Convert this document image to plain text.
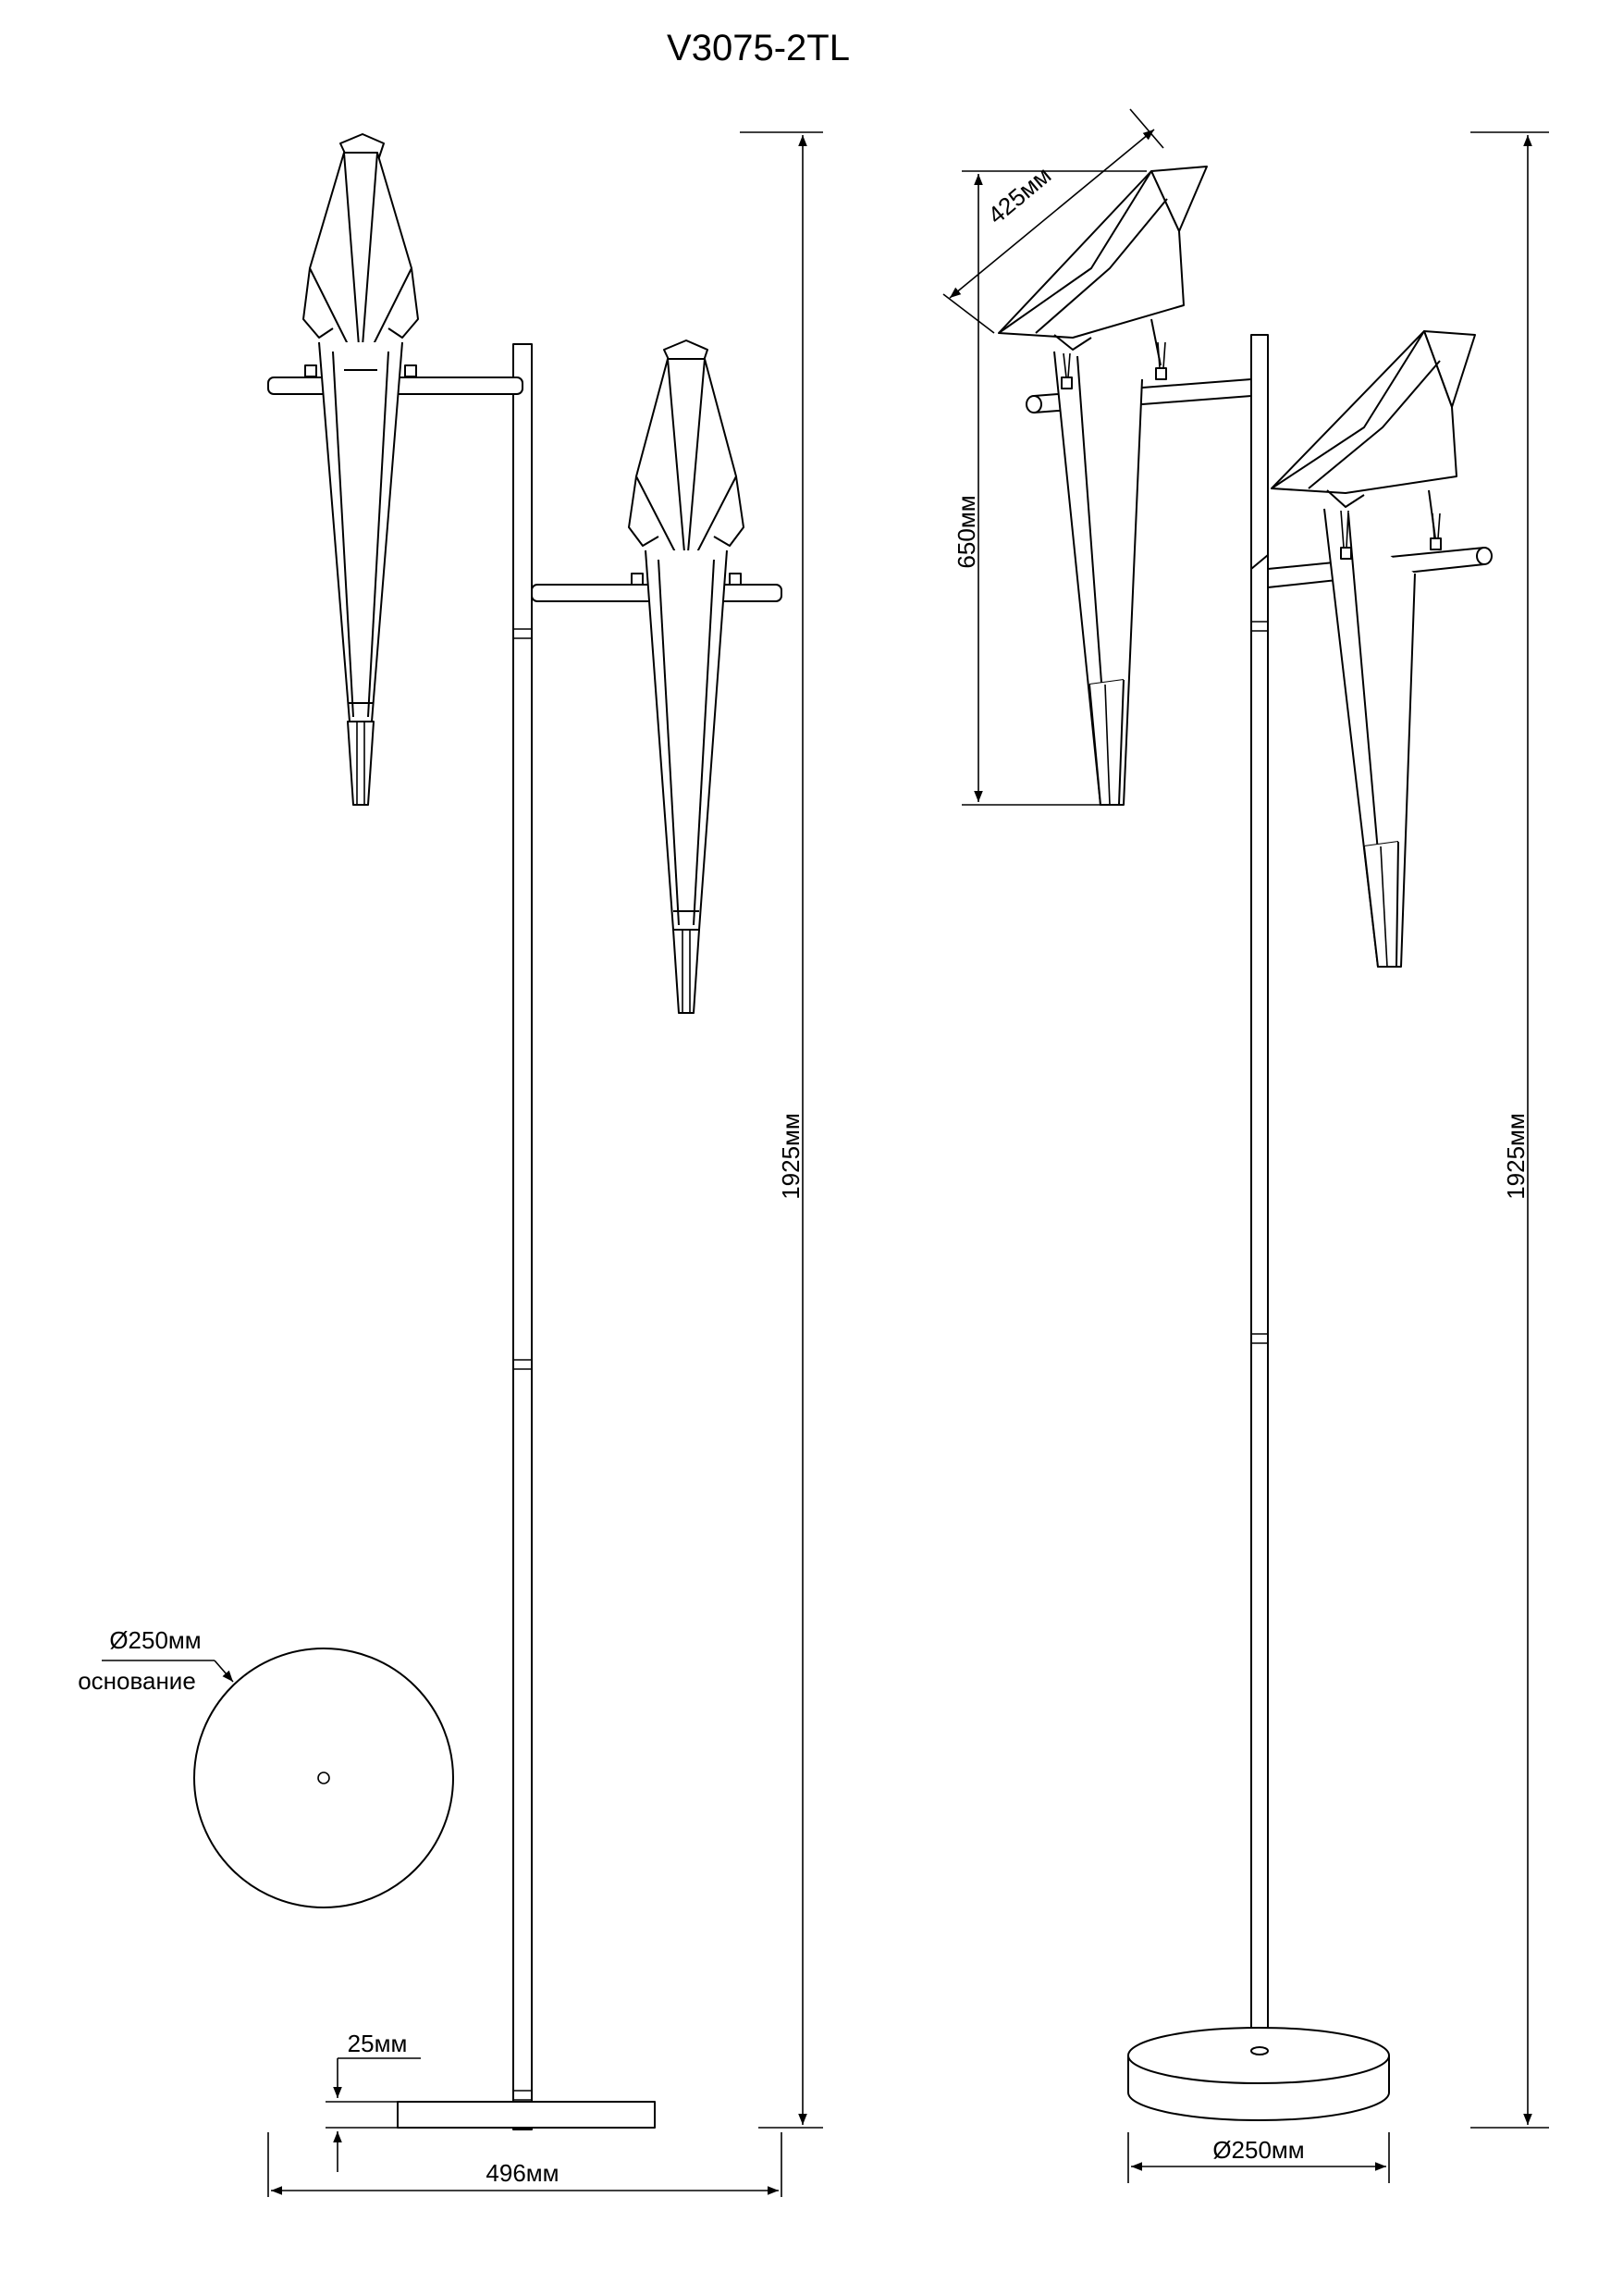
V3075-2TL
1925мм
496мм
25мм
Ø250мм
основание
1925мм
650мм
425мм
Ø250мм
